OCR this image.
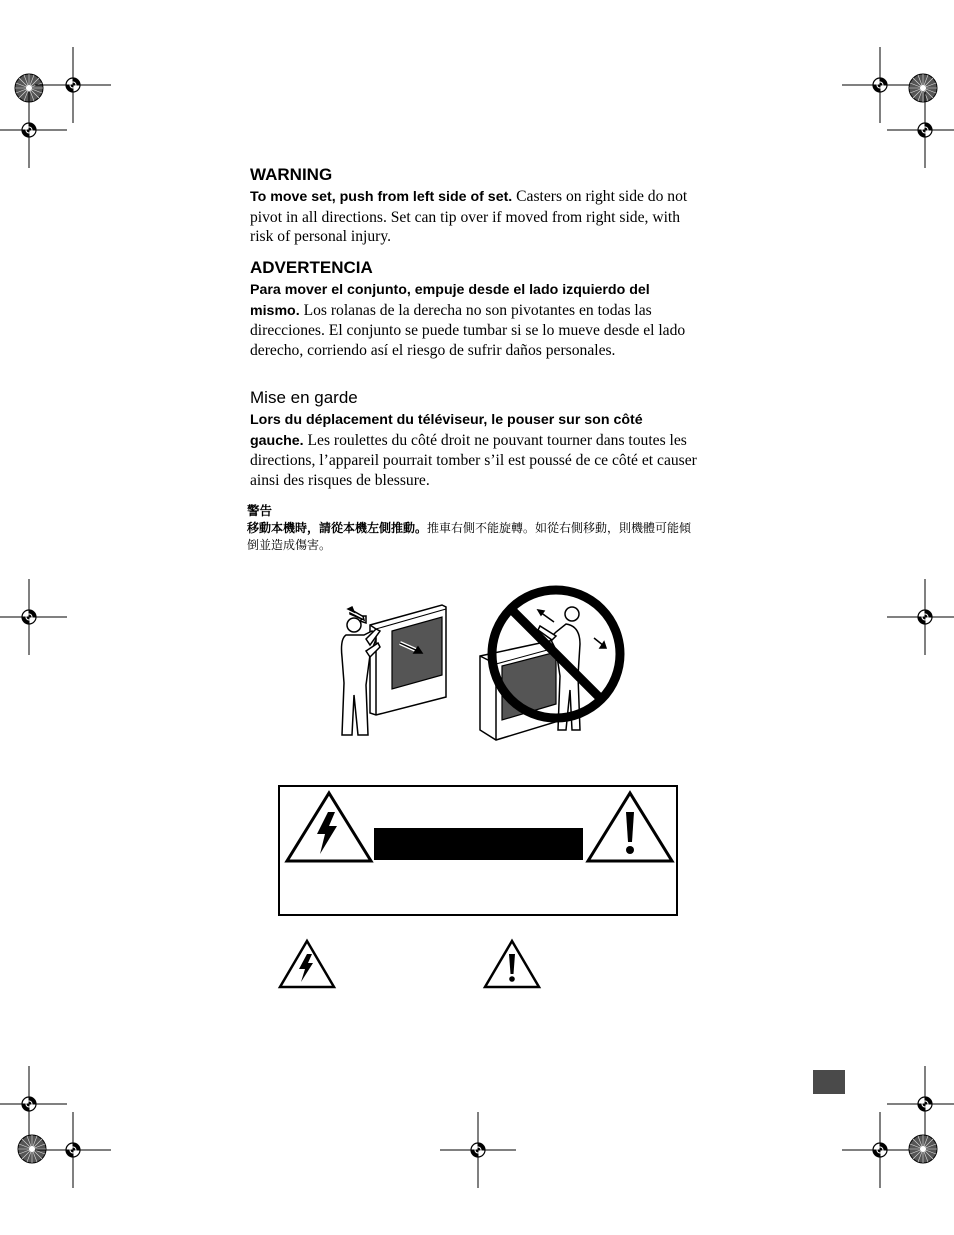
WARNING

To move set, push from left side of set. Casters on right side do not pivot in all directions. Set can tip over if moved from right side, with risk of personal injury.

ADVERTENCIA

Para mover el conjunto, empuje desde el lado izquierdo del mismo. Los rolanas de la derecha no son pivotantes en todas las direcciones. El conjunto se puede tumbar si se lo mueve desde el lado derecho, corriendo así el riesgo de sufrir daños personales.

Mise en garde

Lors du déplacement du téléviseur, le pouser sur son côté gauche. Les roulettes du côté droit ne pouvant tourner dans toutes les directions, l’appareil pourrait tomber s’il est poussé de ce côté et causer ainsi des risques de blessure.

警告
移動本機時，請從本機左側推動。推車右側不能旋轉。如從右側移動，則機體可能傾倒並造成傷害。
